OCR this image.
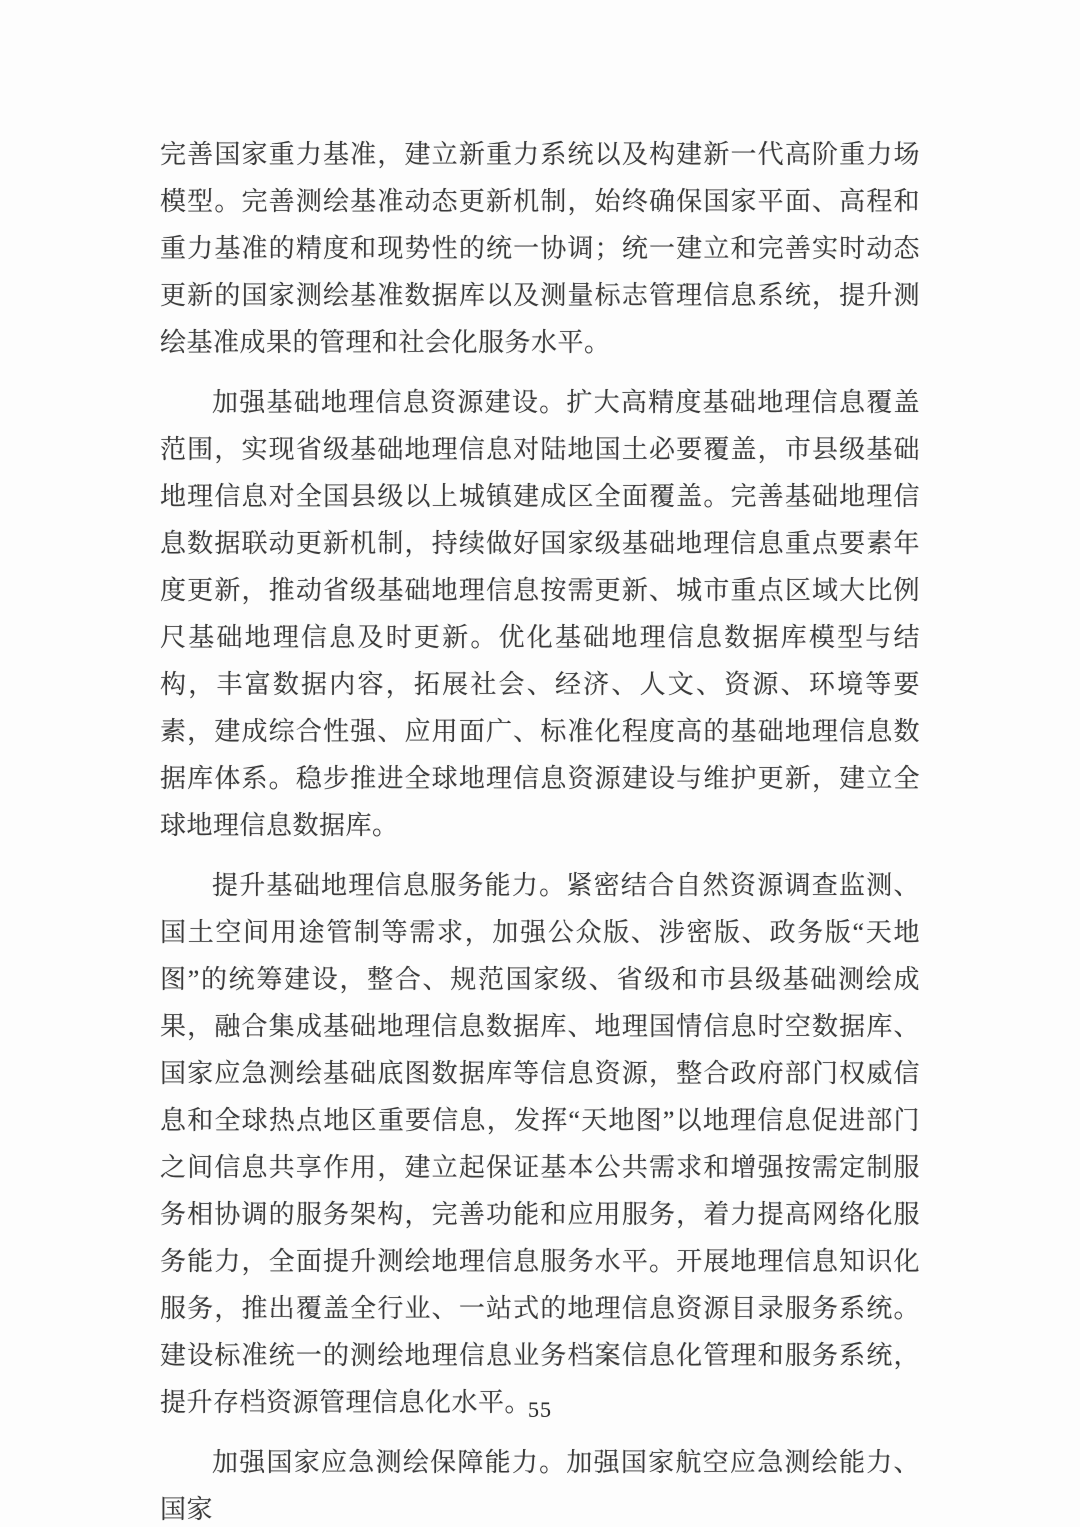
完善国家重力基准，建立新重力系统以及构建新一代高阶重力场模型。完善测绘基准动态更新机制，始终确保国家平面、高程和重力基准的精度和现势性的统一协调；统一建立和完善实时动态更新的国家测绘基准数据库以及测量标志管理信息系统，提升测绘基准成果的管理和社会化服务水平。

加强基础地理信息资源建设。扩大高精度基础地理信息覆盖范围，实现省级基础地理信息对陆地国土必要覆盖，市县级基础地理信息对全国县级以上城镇建成区全面覆盖。完善基础地理信息数据联动更新机制，持续做好国家级基础地理信息重点要素年度更新，推动省级基础地理信息按需更新、城市重点区域大比例尺基础地理信息及时更新。优化基础地理信息数据库模型与结构，丰富数据内容，拓展社会、经济、人文、资源、环境等要素，建成综合性强、应用面广、标准化程度高的基础地理信息数据库体系。稳步推进全球地理信息资源建设与维护更新，建立全球地理信息数据库。

提升基础地理信息服务能力。紧密结合自然资源调查监测、国土空间用途管制等需求，加强公众版、涉密版、政务版“天地图”的统筹建设，整合、规范国家级、省级和市县级基础测绘成果，融合集成基础地理信息数据库、地理国情信息时空数据库、国家应急测绘基础底图数据库等信息资源，整合政府部门权威信息和全球热点地区重要信息，发挥“天地图”以地理信息促进部门之间信息共享作用，建立起保证基本公共需求和增强按需定制服务相协调的服务架构，完善功能和应用服务，着力提高网络化服务能力，全面提升测绘地理信息服务水平。开展地理信息知识化服务，推出覆盖全行业、一站式的地理信息资源目录服务系统。建设标准统一的测绘地理信息业务档案信息化管理和服务系统，提升存档资源管理信息化水平。

加强国家应急测绘保障能力。加强国家航空应急测绘能力、国家

55
